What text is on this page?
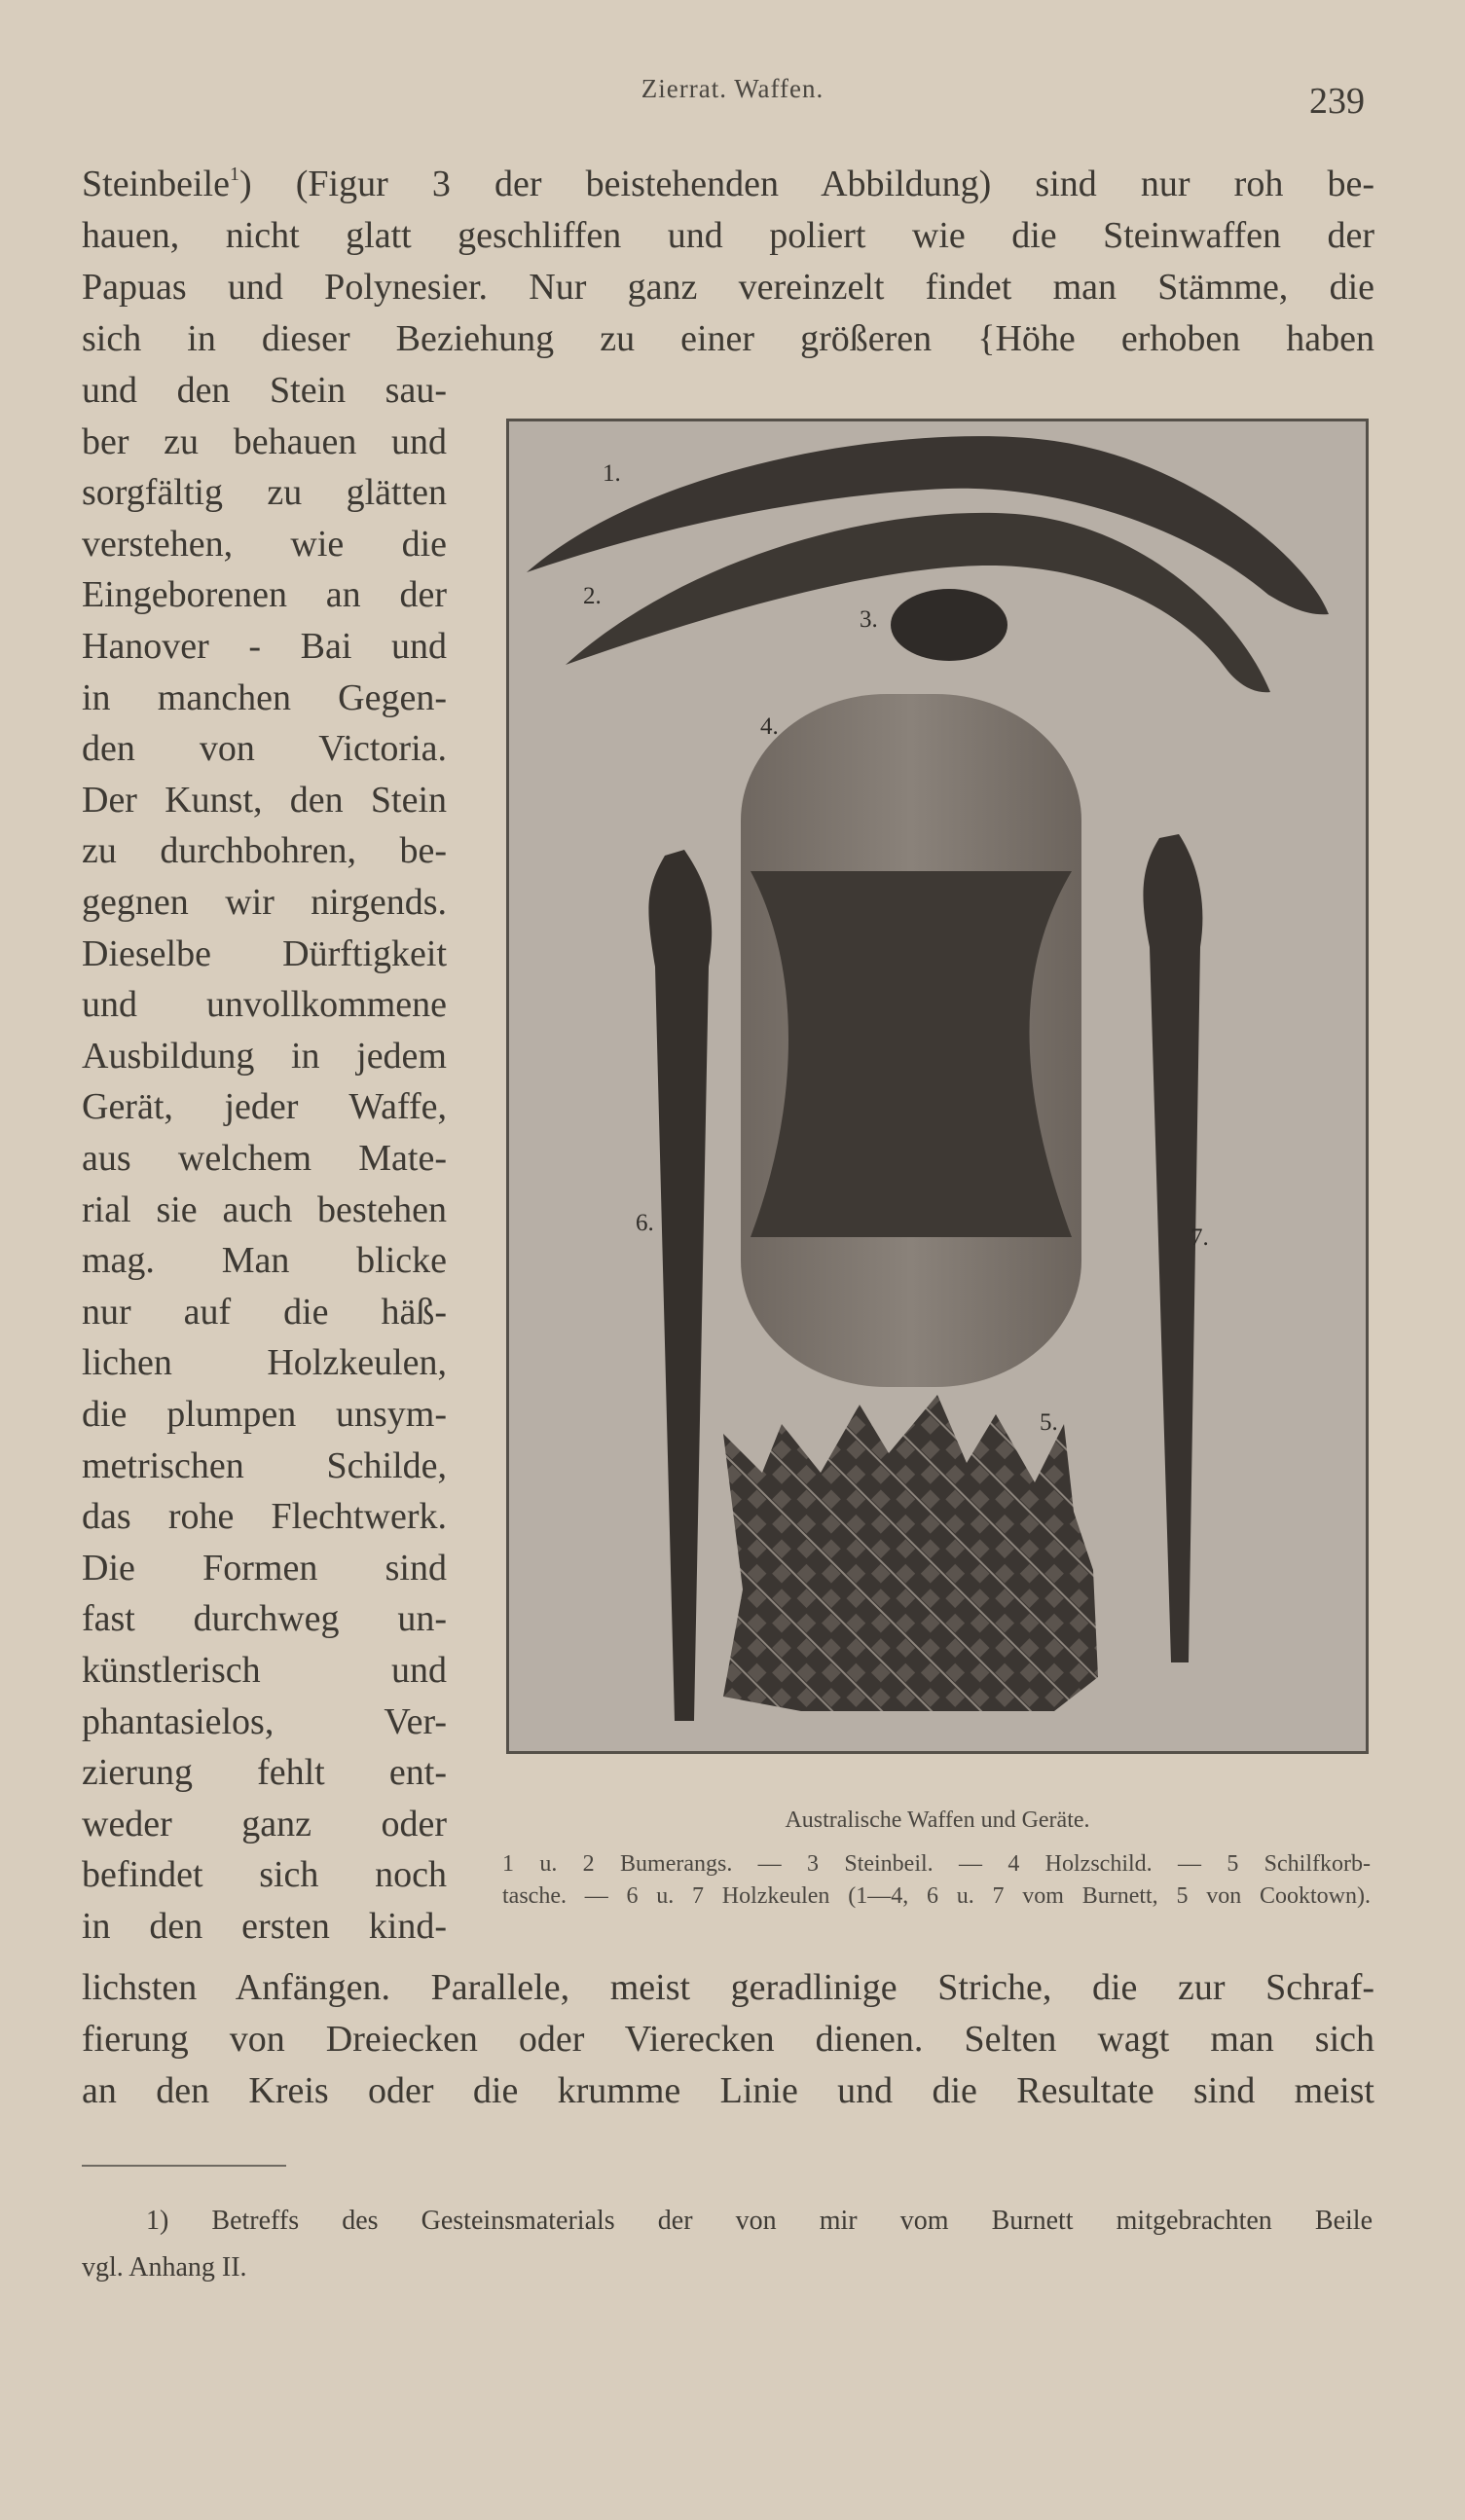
Zierrat. Waffen.	239
Steinbeile$^1$) (Figur 3 der beistehenden Abbildung) sind nur roh be-
hauen, nicht glatt geschliffen und poliert wie die Steinwaffen der
Papuas und Polynesier. Nur ganz vereinzelt findet man Stämme, die
sich in dieser Beziehung zu einer größeren {Höhe erhoben haben
und den Stein sau-
ber zu behauen und
sorgfältig zu glätten
verstehen, wie die
Eingeborenen an der
Hanover - Bai und
in manchen Gegen-
den von Victoria.
Der Kunst, den Stein
zu durchbohren, be-
gegnen wir nirgends.
Dieselbe Dürftigkeit
und unvollkommene
Ausbildung in jedem
Gerät, jeder Waffe,
aus welchem Mate-
rial sie auch bestehen
mag. Man blicke
nur auf die häß-
lichen Holzkeulen,
die plumpen unsym-
metrischen Schilde,
das rohe Flechtwerk.
Die Formen sind
fast durchweg un-
künstlerisch und
phantasielos, Ver-
zierung fehlt ent-
weder ganz oder
befindet sich noch
in den ersten kind-
lichsten Anfängen. Parallele, meist geradlinige Striche, die zur Schraf-
fierung von Dreiecken oder Vierecken dienen. Selten wagt man sich
an den Kreis oder die krumme Linie und die Resultate sind meist
1.
2.
3.
4.
5.
6.
7.
Australische Waffen und Geräte.
1 u. 2 Bumerangs. — 3 Steinbeil. — 4 Holzschild. — 5 Schilfkorb-
tasche. — 6 u. 7 Holzkeulen (1—4, 6 u. 7 vom Burnett, 5 von Cooktown).
1) Betreffs des Gesteinsmaterials der von mir vom Burnett mitgebrachten Beile
vgl. Anhang II.
